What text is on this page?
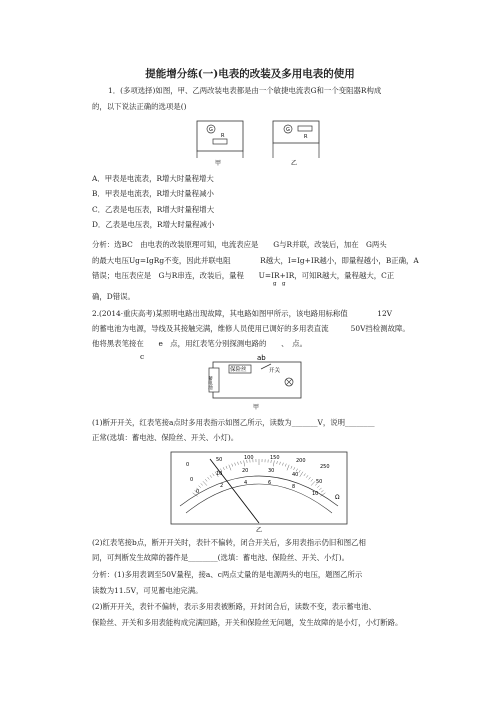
提能增分练(一)电表的改装及多用电表的使用
1．(多项选择)如图，甲、乙两改装电表都是由一个敏捷电流表G和一个变阻器R构成
的，以下说法正确的选项是()
G
R
甲
G
R
乙
A．甲表是电流表，R增大时量程增大
B．甲表是电流表，R增大时量程减小
C．乙表是电压表，R增大时量程增大
D．乙表是电压表，R增大时量程减小
分析：选BC　由电表的改装原理可知，电流表应是　　G与R并联，改装后，加在　G两头
的最大电压Ug=IgRg不变，因此并联电阻　　　　R越大，I=Ig+IR越小，即量程越小，B正确，A
错误；电压表应是　G与R串连，改装后，量程　　U=IR+IR，可知R越大，量程越大，C正
g　g
确，D错误。
2.(2014·重庆高考)某照明电路出现故障，其电路如图甲所示，该电路用标称值　　　　12V
的蓄电池为电源，导线及其接触完满，维修人员使用已调好的多用表直流　　　50V挡检测故障。
他将黑表笔接在　　e　点，用红表笔分别探测电路的　　、　点。
c	ab
蓄电池
保险丝	开关
甲
(1)断开开关，红表笔接a点时多用表指示如图乙所示，读数为_______V，说明________
正常(选填：蓄电池、保险丝、开关、小灯)。
0
50	100	150	200
250
0
10	20	30
40
50
0
2	4	6
8
10	Ω
乙
(2)红表笔接b点，断开开关时，表针不偏转，闭合开关后，多用表指示仍旧和图乙相
同，可判断发生故障的器件是________(选填：蓄电池、保险丝、开关、小灯)。
分析：(1)多用表调至50V量程，接a、c两点丈量的是电源两头的电压，题图乙所示
读数为11.5V，可见蓄电池完满。
(2)断开开关，表针不偏转，表示多用表被断路，开封闭合后，读数不变，表示蓄电池、
保险丝、开关和多用表能构成完满回路，开关和保险丝无问题，发生故障的是小灯，小灯断路。
